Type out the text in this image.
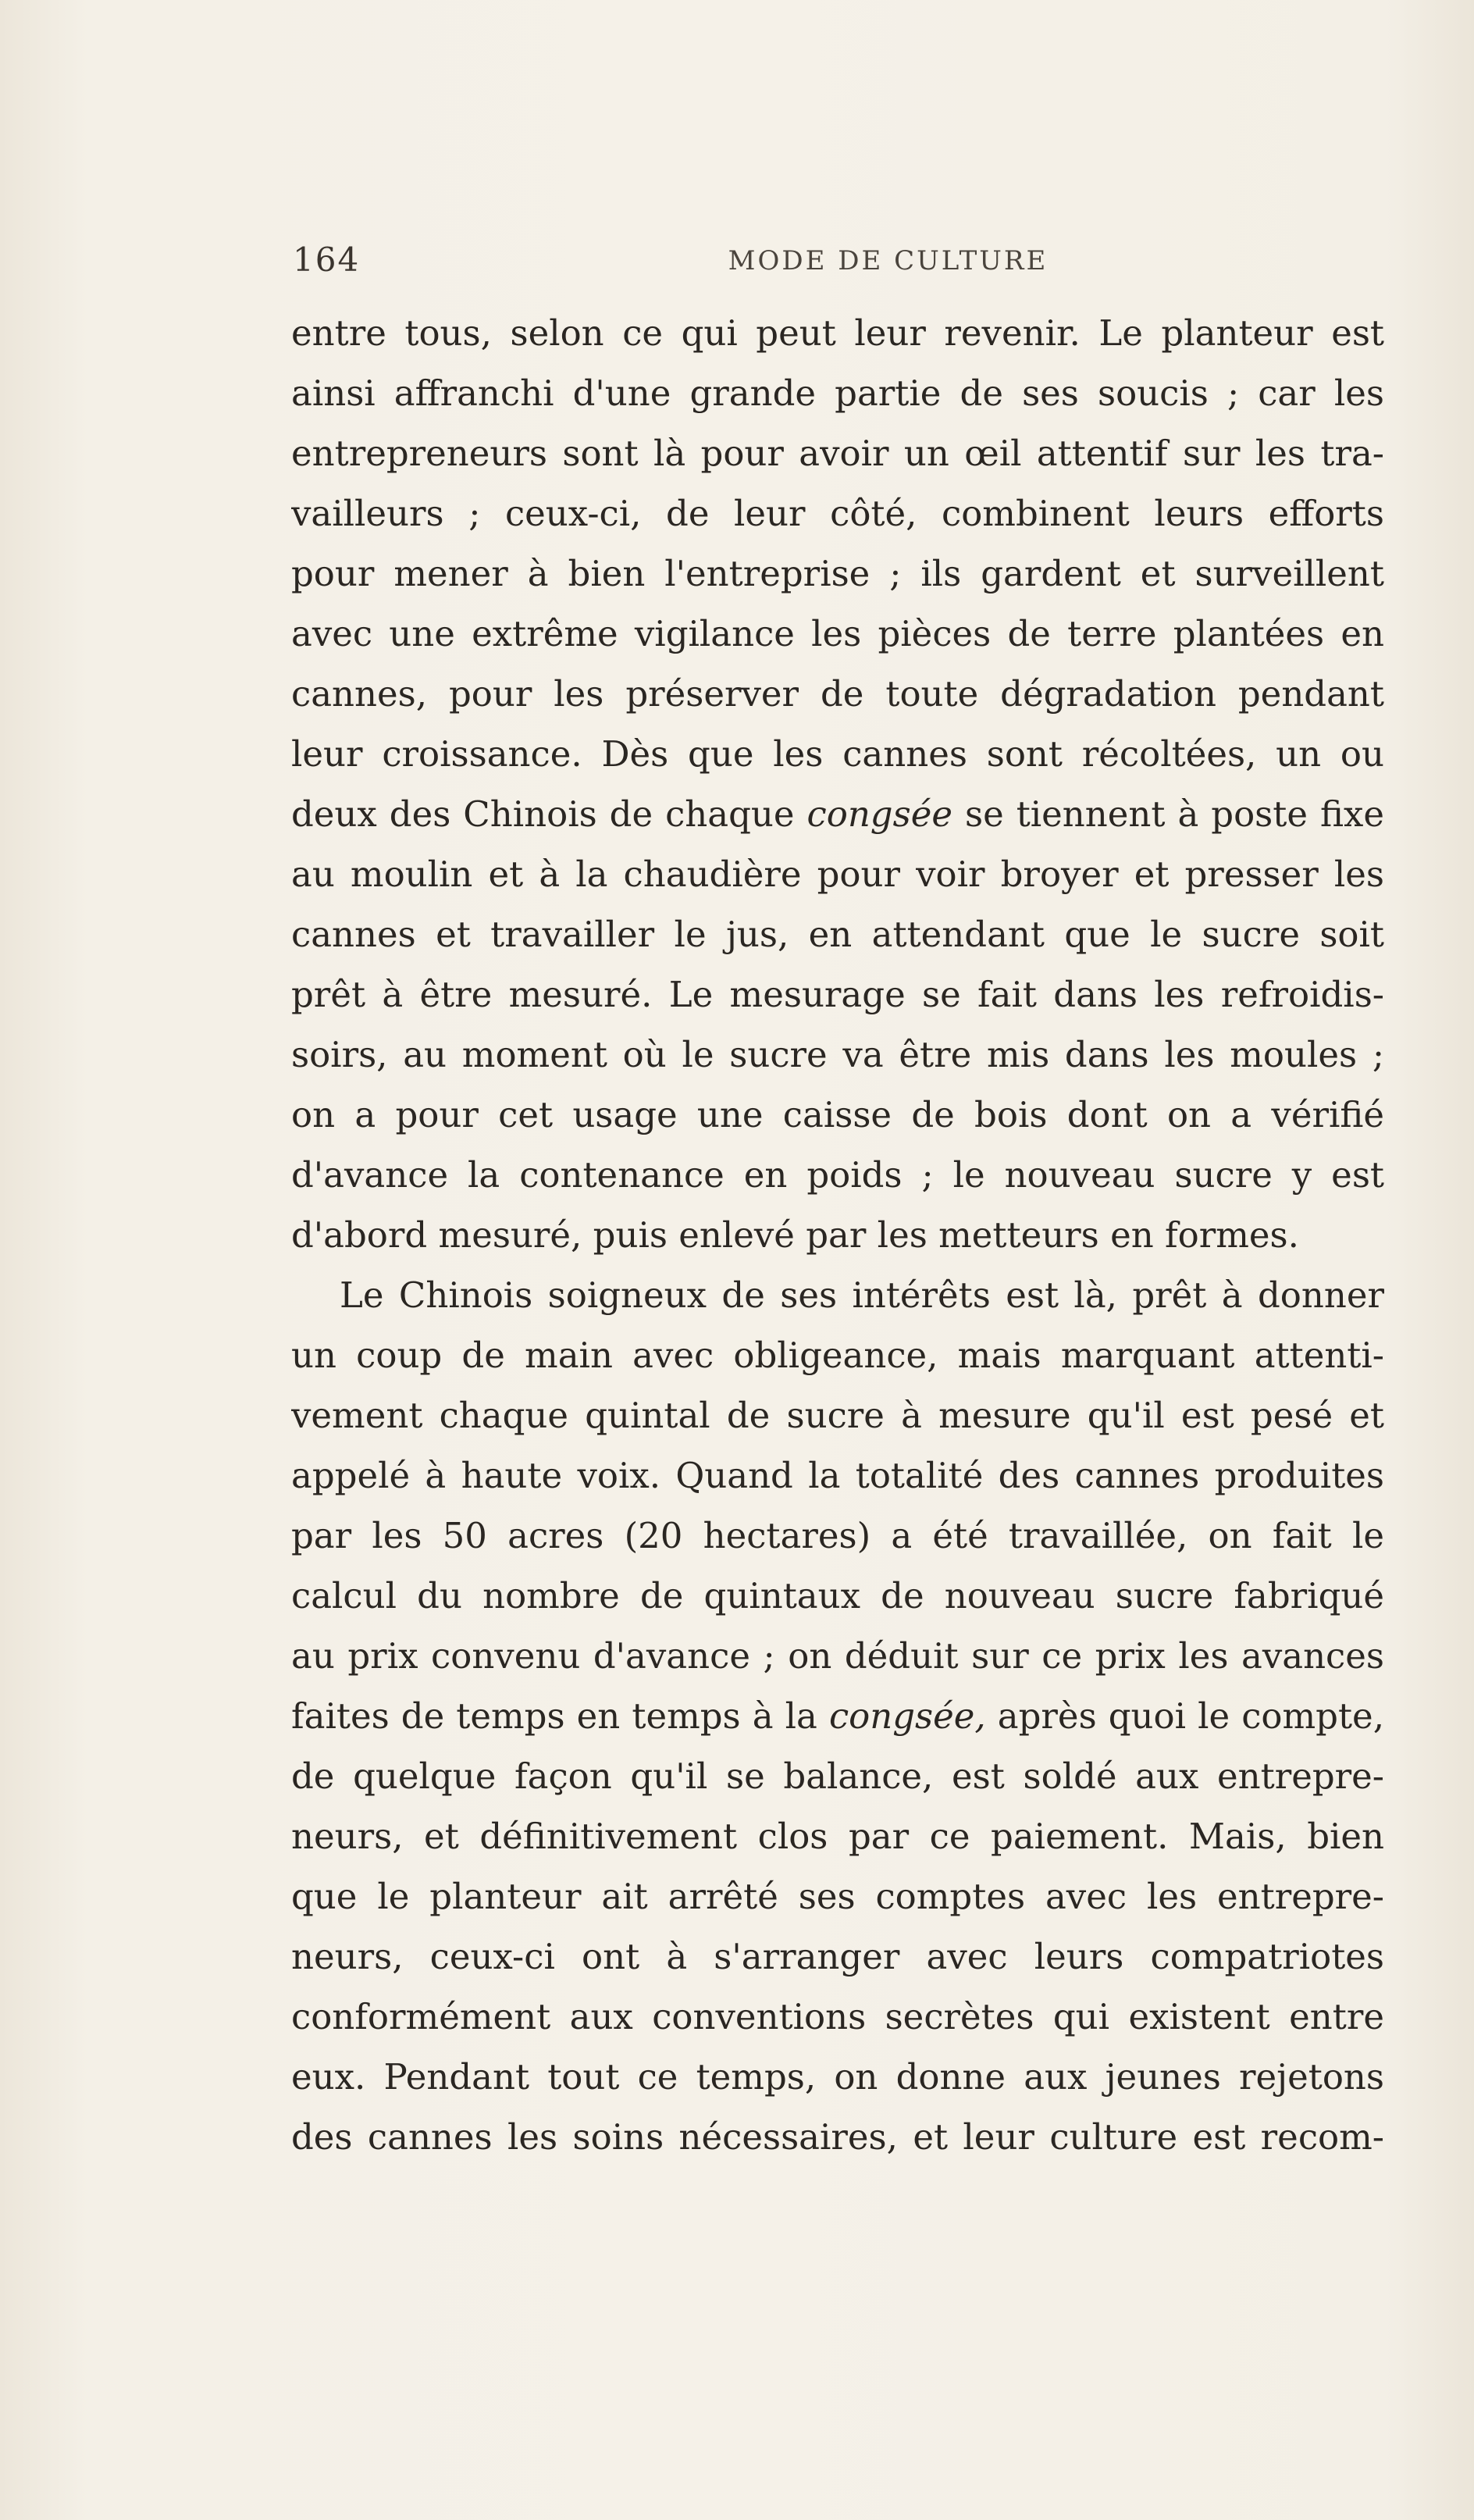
164	MODE DE CULTURE
entre tous, selon ce qui peut leur revenir. Le planteur est
ainsi affranchi d'une grande partie de ses soucis ; car les
entrepreneurs sont là pour avoir un œil attentif sur les tra-
vailleurs ; ceux-ci, de leur côté, combinent leurs efforts
pour mener à bien l'entreprise ; ils gardent et surveillent
avec une extrême vigilance les pièces de terre plantées en
cannes, pour les préserver de toute dégradation pendant
leur croissance. Dès que les cannes sont récoltées, un ou
deux des Chinois de chaque congsée se tiennent à poste fixe
au moulin et à la chaudière pour voir broyer et presser les
cannes et travailler le jus, en attendant que le sucre soit
prêt à être mesuré. Le mesurage se fait dans les refroidis-
soirs, au moment où le sucre va être mis dans les moules ;
on a pour cet usage une caisse de bois dont on a vérifié
d'avance la contenance en poids ; le nouveau sucre y est
d'abord mesuré, puis enlevé par les metteurs en formes.
Le Chinois soigneux de ses intérêts est là, prêt à donner
un coup de main avec obligeance, mais marquant attenti-
vement chaque quintal de sucre à mesure qu'il est pesé et
appelé à haute voix. Quand la totalité des cannes produites
par les 50 acres (20 hectares) a été travaillée, on fait le
calcul du nombre de quintaux de nouveau sucre fabriqué
au prix convenu d'avance ; on déduit sur ce prix les avances
faites de temps en temps à la congsée, après quoi le compte,
de quelque façon qu'il se balance, est soldé aux entrepre-
neurs, et définitivement clos par ce paiement. Mais, bien
que le planteur ait arrêté ses comptes avec les entrepre-
neurs, ceux-ci ont à s'arranger avec leurs compatriotes
conformément aux conventions secrètes qui existent entre
eux. Pendant tout ce temps, on donne aux jeunes rejetons
des cannes les soins nécessaires, et leur culture est recom-
